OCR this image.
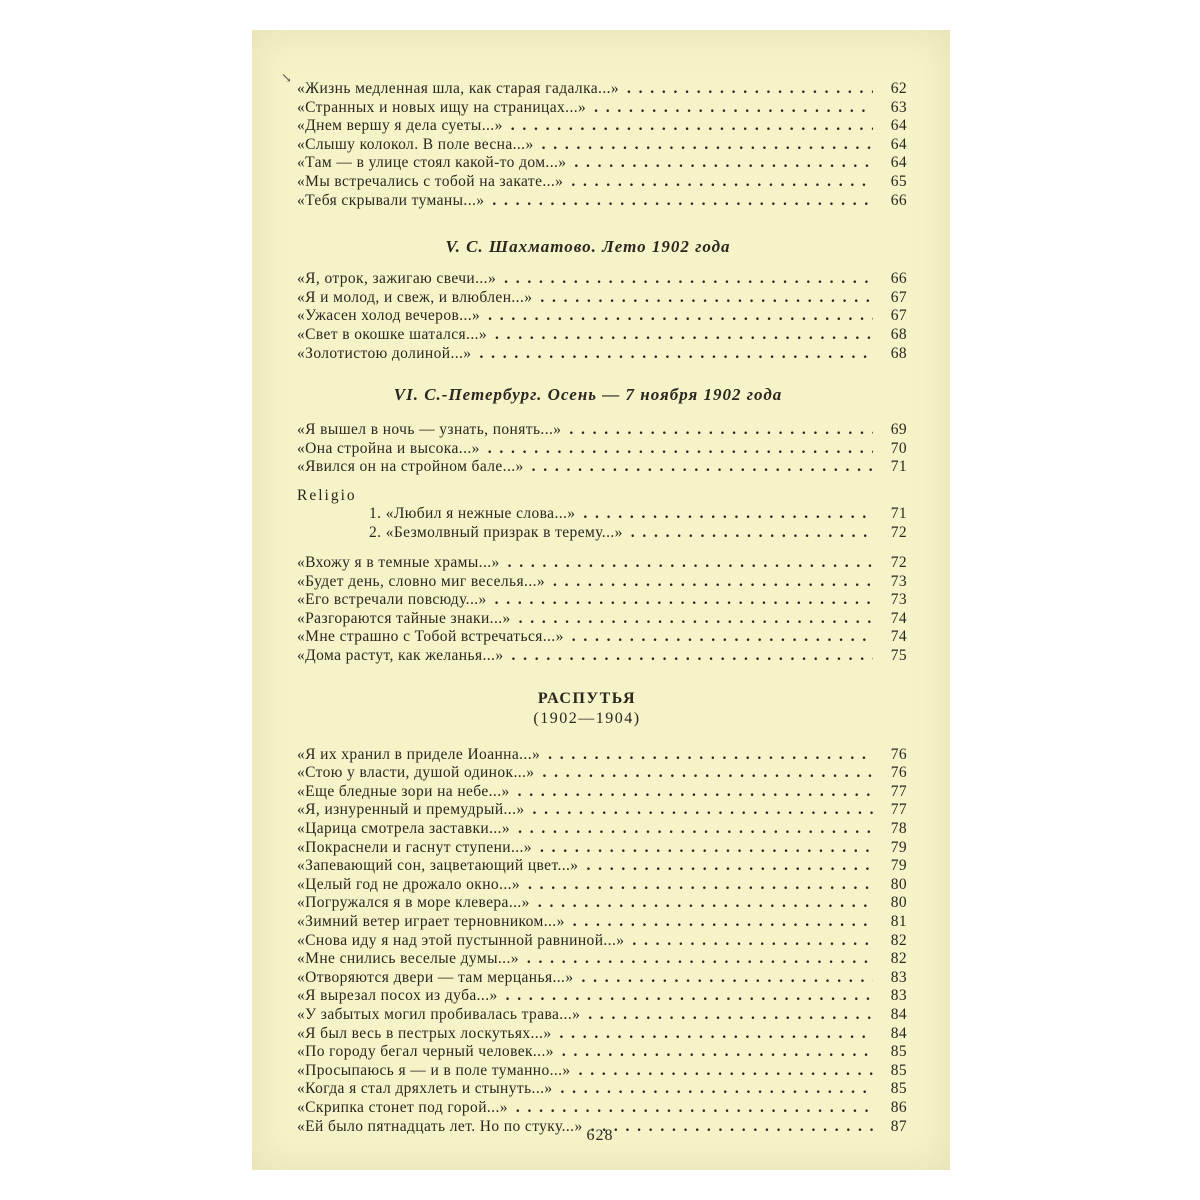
↘
«Жизнь медленная шла, как старая гадалка...» . .	62
«Странных и новых ищу на страницах...» . .	63
«Днем вершу я дела суеты...» . .	64
«Слышу колокол. В поле весна...» . .	64
«Там — в улице стоял какой-то дом...» . .	64
«Мы встречались с тобой на закате...» . .	65
«Тебя скрывали туманы...» . .	66
V. С. Шахматово. Лето 1902 года
«Я, отрок, зажигаю свечи...» . .	66
«Я и молод, и свеж, и влюблен...» . .	67
«Ужасен холод вечеров...» . .	67
«Свет в окошке шатался...» . .	68
«Золотистою долиной...» . .	68
VI. С.-Петербург. Осень — 7 ноября 1902 года
«Я вышел в ночь — узнать, понять...» . .	69
«Она стройна и высока...» . .	70
«Явился он на стройном бале...» . .	71
Religio
1. «Любил я нежные слова...» . .	71
2. «Безмолвный призрак в терему...» . .	72
«Вхожу я в темные храмы...» . .	72
«Будет день, словно миг веселья...» . .	73
«Его встречали повсюду...» . .	73
«Разгораются тайные знаки...» . .	74
«Мне страшно с Тобой встречаться...» . .	74
«Дома растут, как желанья...» . .	75
РАСПУТЬЯ
(1902—1904)
«Я их хранил в приделе Иоанна...» . .	76
«Стою у власти, душой одинок...» . .	76
«Еще бледные зори на небе...» . .	77
«Я, изнуренный и премудрый...» . .	77
«Царица смотрела заставки...» . .	78
«Покраснели и гаснут ступени...» . .	79
«Запевающий сон, зацветающий цвет...» . .	79
«Целый год не дрожало окно...» . .	80
«Погружался я в море клевера...» . .	80
«Зимний ветер играет терновником...» . .	81
«Снова иду я над этой пустынной равниной...» . .	82
«Мне снились веселые думы...» . .	82
«Отворяются двери — там мерцанья...» . .	83
«Я вырезал посох из дуба...» . .	83
«У забытых могил пробивалась трава...» . .	84
«Я был весь в пестрых лоскутьях...» . .	84
«По городу бегал черный человек...» . .	85
«Просыпаюсь я — и в поле туманно...» . .	85
«Когда я стал дряхлеть и стынуть...» . .	85
«Скрипка стонет под горой...» . .	86
«Ей было пятнадцать лет. Но по стуку...» . .	87
628
